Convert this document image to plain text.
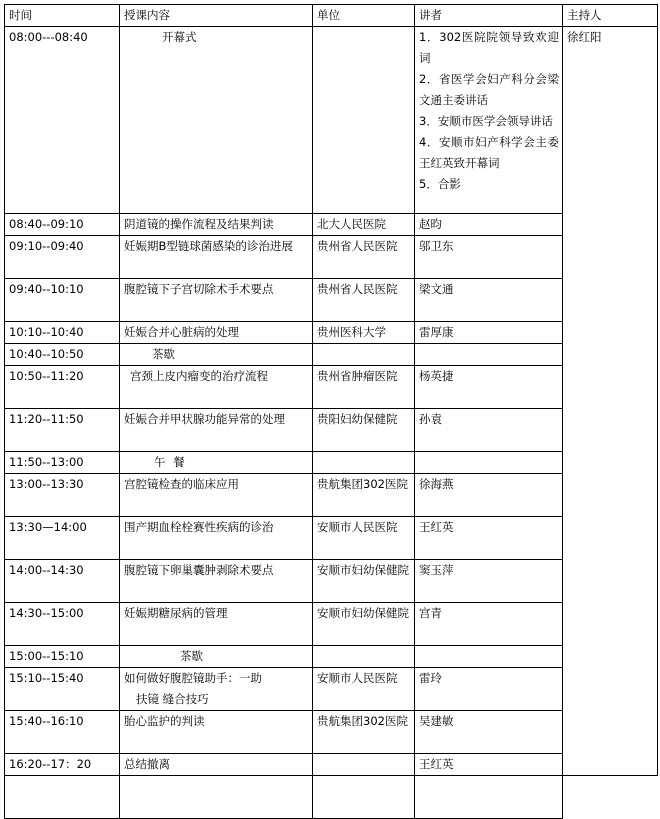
时间	授课内容	单位	讲者	主持人
08:00---08:40	开幕式		1．302医院院领导致欢迎词
2．省医学会妇产科分会梁文通主委讲话
3．安顺市医学会领导讲话
4．安顺市妇产科学会主委王红英致开幕词
5．合影	徐红阳
08:40--09:10	阴道镜的操作流程及结果判读	北大人民医院	赵昀	
09:10--09:40	妊娠期B型链球菌感染的诊治进展	贵州省人民医院	邬卫东	
09:40--10:10	腹腔镜下子宫切除术手术要点	贵州省人民医院	梁文通	
10:10--10:40	妊娠合并心脏病的处理	贵州医科大学	雷厚康	
10:40--10:50	茶歇			
10:50--11:20	宫颈上皮内瘤变的治疗流程	贵州省肿瘤医院	杨英捷	
11:20--11:50	妊娠合并甲状腺功能异常的处理	贵阳妇幼保健院	孙袁	
11:50--13:00	午 餐			
13:00--13:30	宫腔镜检查的临床应用	贵航集团302医院	徐海燕	
13:30—14:00	围产期血栓栓赛性疾病的诊治	安顺市人民医院	王红英	
14:00--14:30	腹腔镜下卵巢囊肿剥除术要点	安顺市妇幼保健院	窦玉萍	
14:30--15:00	妊娠期糖尿病的管理	安顺市妇幼保健院	宫青	
15:00--15:10	茶歇			
15:10--15:40	如何做好腹腔镜助手：一助
扶镜 缝合技巧	安顺市人民医院	雷玲	
15:40--16:10	胎心监护的判读	贵航集团302医院	吴建敏	
16:20--17：20	总结撤离		王红英	
